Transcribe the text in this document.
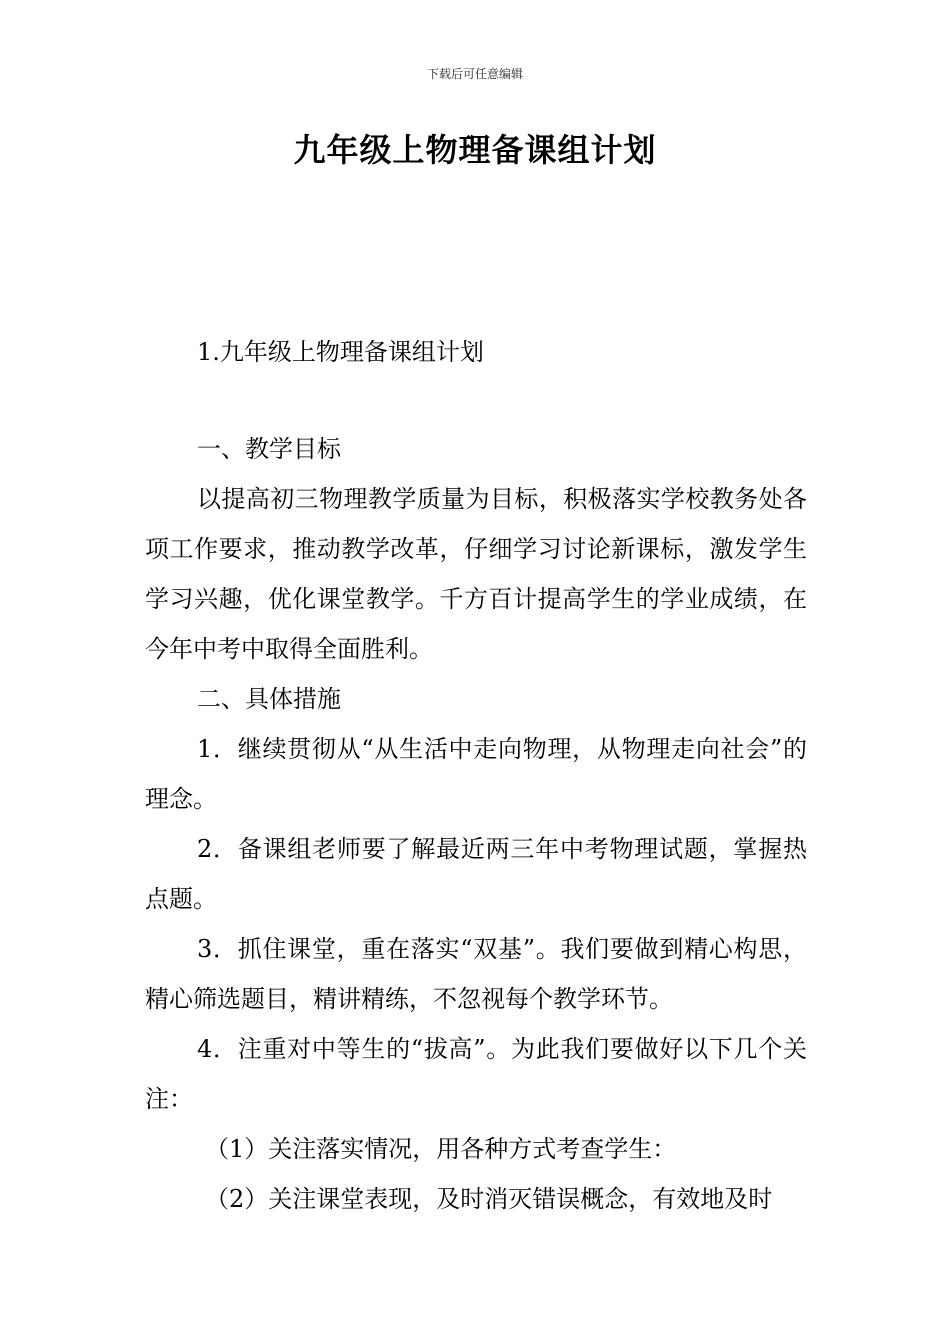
下载后可任意编辑
九年级上物理备课组计划

1.九年级上物理备课组计划

一、教学目标

以提高初三物理教学质量为目标，积极落实学校教务处各项工作要求，推动教学改革，仔细学习讨论新课标，激发学生学习兴趣，优化课堂教学。千方百计提高学生的学业成绩，在今年中考中取得全面胜利。

二、具体措施

1．继续贯彻从“从生活中走向物理，从物理走向社会”的理念。

2．备课组老师要了解最近两三年中考物理试题，掌握热点题。

3．抓住课堂，重在落实“双基”。我们要做到精心构思，精心筛选题目，精讲精练，不忽视每个教学环节。

4．注重对中等生的“拔高”。为此我们要做好以下几个关注：

（1）关注落实情况，用各种方式考查学生：

（2）关注课堂表现，及时消灭错误概念，有效地及时
